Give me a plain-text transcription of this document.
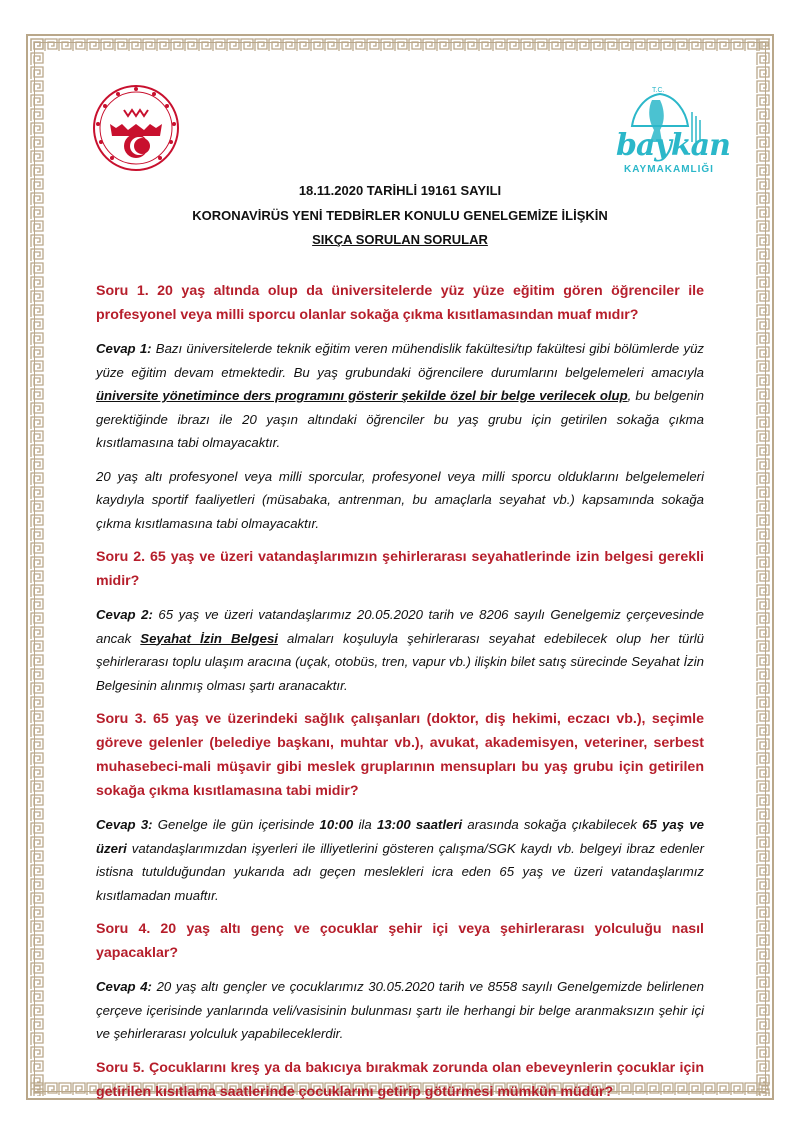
T.C.
baykan
KAYMAKAMLIĞI
18.11.2020 TARİHLİ 19161 SAYILI
KORONAVİRÜS YENİ TEDBİRLER KONULU GENELGEMİZE İLİŞKİN
SIKÇA SORULAN SORULAR

Soru 1. 20 yaş altında olup da üniversitelerde yüz yüze eğitim gören öğrenciler ile profesyonel veya milli sporcu olanlar sokağa çıkma kısıtlamasından muaf mıdır?

Cevap 1: Bazı üniversitelerde teknik eğitim veren mühendislik fakültesi/tıp fakültesi gibi bölümlerde yüz yüze eğitim devam etmektedir. Bu yaş grubundaki öğrencilere durumlarını belgelemeleri amacıyla üniversite yönetimince ders programını gösterir şekilde özel bir belge verilecek olup, bu belgenin gerektiğinde ibrazı ile 20 yaşın altındaki öğrenciler bu yaş grubu için getirilen sokağa çıkma kısıtlamasına tabi olmayacaktır.

20 yaş altı profesyonel veya milli sporcular, profesyonel veya milli sporcu olduklarını belgelemeleri kaydıyla sportif faaliyetleri (müsabaka, antrenman, bu amaçlarla seyahat vb.) kapsamında sokağa çıkma kısıtlamasına tabi olmayacaktır.

Soru 2. 65 yaş ve üzeri vatandaşlarımızın şehirlerarası seyahatlerinde izin belgesi gerekli midir?

Cevap 2: 65 yaş ve üzeri vatandaşlarımız 20.05.2020 tarih ve 8206 sayılı Genelgemiz çerçevesinde ancak Seyahat İzin Belgesi almaları koşuluyla şehirlerarası seyahat edebilecek olup her türlü şehirlerarası toplu ulaşım aracına (uçak, otobüs, tren, vapur vb.) ilişkin bilet satış sürecinde Seyahat İzin Belgesinin alınmış olması şartı aranacaktır.

Soru 3. 65 yaş ve üzerindeki sağlık çalışanları (doktor, diş hekimi, eczacı vb.), seçimle göreve gelenler (belediye başkanı, muhtar vb.), avukat, akademisyen, veteriner, serbest muhasebeci-mali müşavir gibi meslek gruplarının mensupları bu yaş grubu için getirilen sokağa çıkma kısıtlamasına tabi midir?

Cevap 3: Genelge ile gün içerisinde 10:00 ila 13:00 saatleri arasında sokağa çıkabilecek 65 yaş ve üzeri vatandaşlarımızdan işyerleri ile illiyetlerini gösteren çalışma/SGK kaydı vb. belgeyi ibraz edenler istisna tutulduğundan yukarıda adı geçen meslekleri icra eden 65 yaş ve üzeri vatandaşlarımız kısıtlamadan muaftır.

Soru 4. 20 yaş altı genç ve çocuklar şehir içi veya şehirlerarası yolculuğu nasıl yapacaklar?

Cevap 4: 20 yaş altı gençler ve çocuklarımız 30.05.2020 tarih ve 8558 sayılı Genelgemizde belirlenen çerçeve içerisinde yanlarında veli/vasisinin bulunması şartı ile herhangi bir belge aranmaksızın şehir içi ve şehirlerarası yolculuk yapabileceklerdir.

Soru 5. Çocuklarını kreş ya da bakıcıya bırakmak zorunda olan ebeveynlerin çocuklar için getirilen kısıtlama saatlerinde çocuklarını getirip götürmesi mümkün müdür?
